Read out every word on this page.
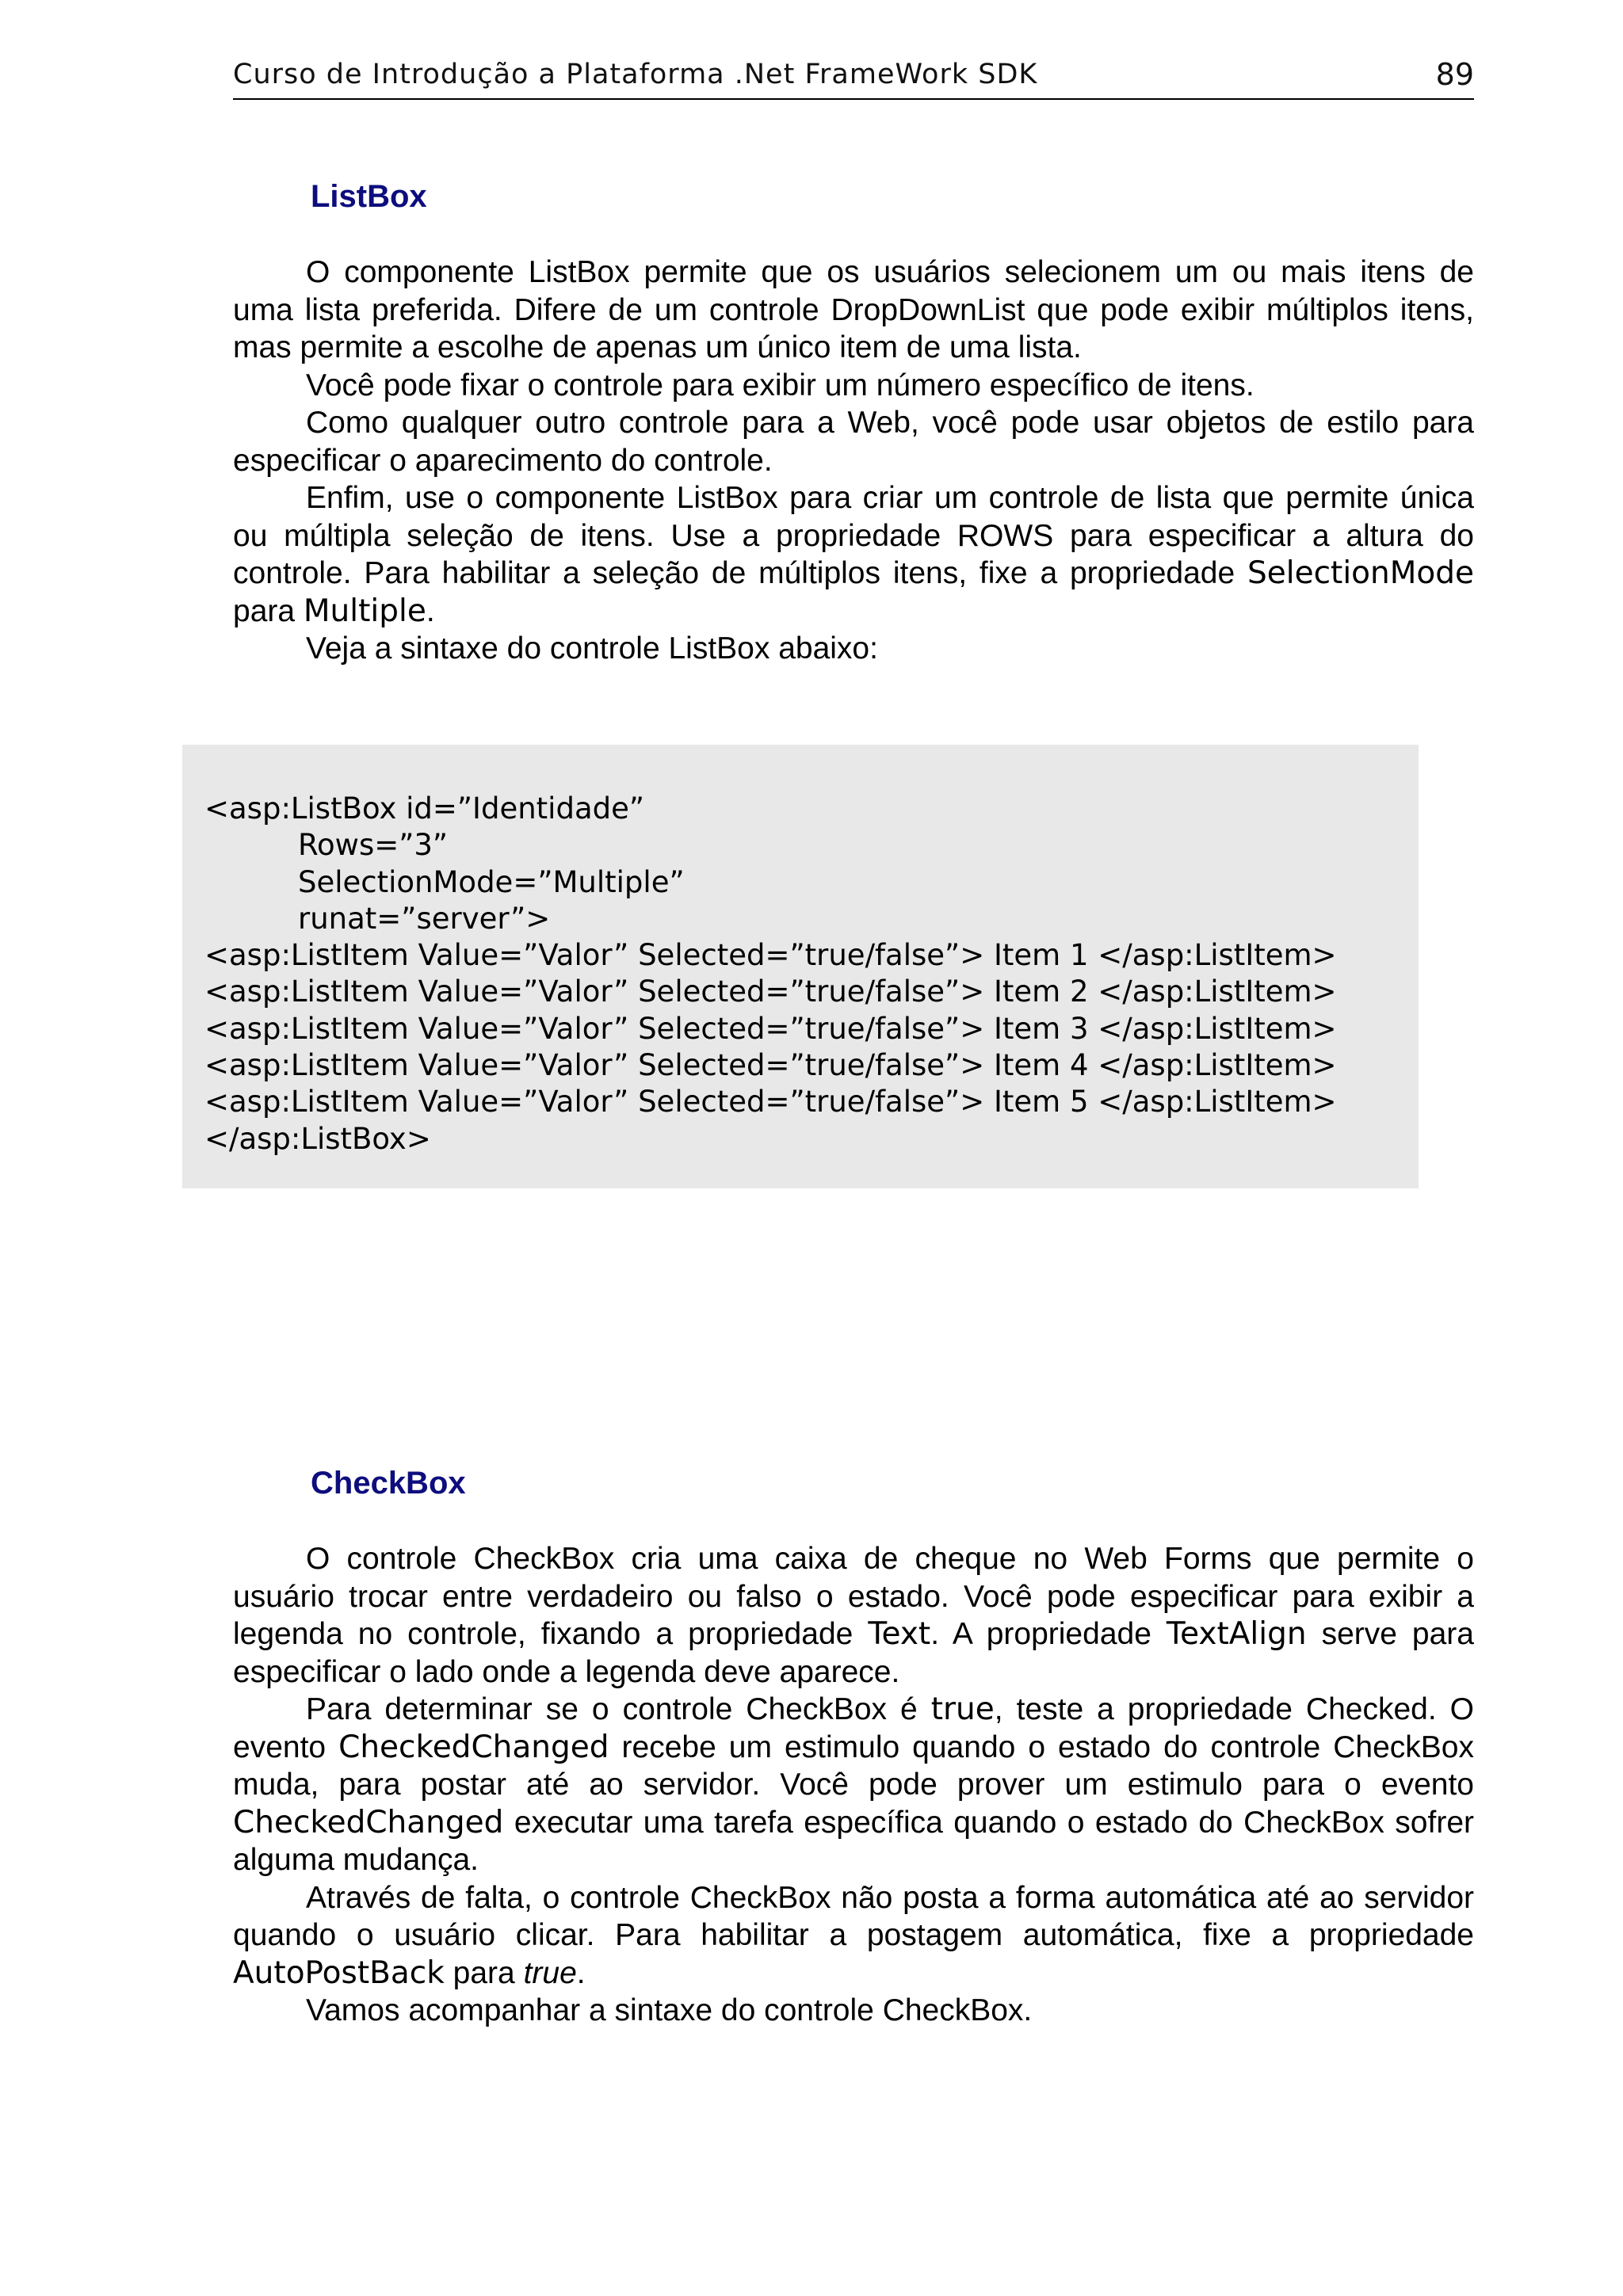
Curso de Introdução a Plataforma .Net FrameWork SDK	89
ListBox

O componente ListBox permite que os usuários selecionem um ou mais itens de uma lista preferida. Difere de um controle DropDownList que pode exibir múltiplos itens, mas permite a escolhe de apenas um único item de uma lista.

Você pode fixar o controle para exibir um número específico de itens.

Como qualquer outro controle para a Web, você pode usar objetos de estilo para especificar o aparecimento do controle.

Enfim, use o componente ListBox para criar um controle de lista que permite única ou múltipla seleção de itens. Use a propriedade ROWS para especificar a altura do controle. Para habilitar a seleção de múltiplos itens, fixe a propriedade SelectionMode para Multiple.

Veja a sintaxe do controle ListBox abaixo:

<asp:ListBox id=”Identidade”
Rows=”3”
SelectionMode=”Multiple”
runat=”server”>
<asp:ListItem Value=”Valor” Selected=”true/false”> Item 1 </asp:ListItem>
<asp:ListItem Value=”Valor” Selected=”true/false”> Item 2 </asp:ListItem>
<asp:ListItem Value=”Valor” Selected=”true/false”> Item 3 </asp:ListItem>
<asp:ListItem Value=”Valor” Selected=”true/false”> Item 4 </asp:ListItem>
<asp:ListItem Value=”Valor” Selected=”true/false”> Item 5 </asp:ListItem>
</asp:ListBox>
CheckBox

O controle CheckBox cria uma caixa de cheque no Web Forms que permite o usuário trocar entre verdadeiro ou falso o estado. Você pode especificar para exibir a legenda no controle, fixando a propriedade Text. A propriedade TextAlign serve para especificar o lado onde a legenda deve aparece.

Para determinar se o controle CheckBox é true, teste a propriedade Checked. O evento CheckedChanged recebe um estimulo quando o estado do controle CheckBox muda, para postar até ao servidor. Você pode prover um estimulo para o evento CheckedChanged executar uma tarefa específica quando o estado do CheckBox sofrer alguma mudança.

Através de falta, o controle CheckBox não posta a forma automática até ao servidor quando o usuário clicar. Para habilitar a postagem automática, fixe a propriedade AutoPostBack para true.

Vamos acompanhar a sintaxe do controle CheckBox.
